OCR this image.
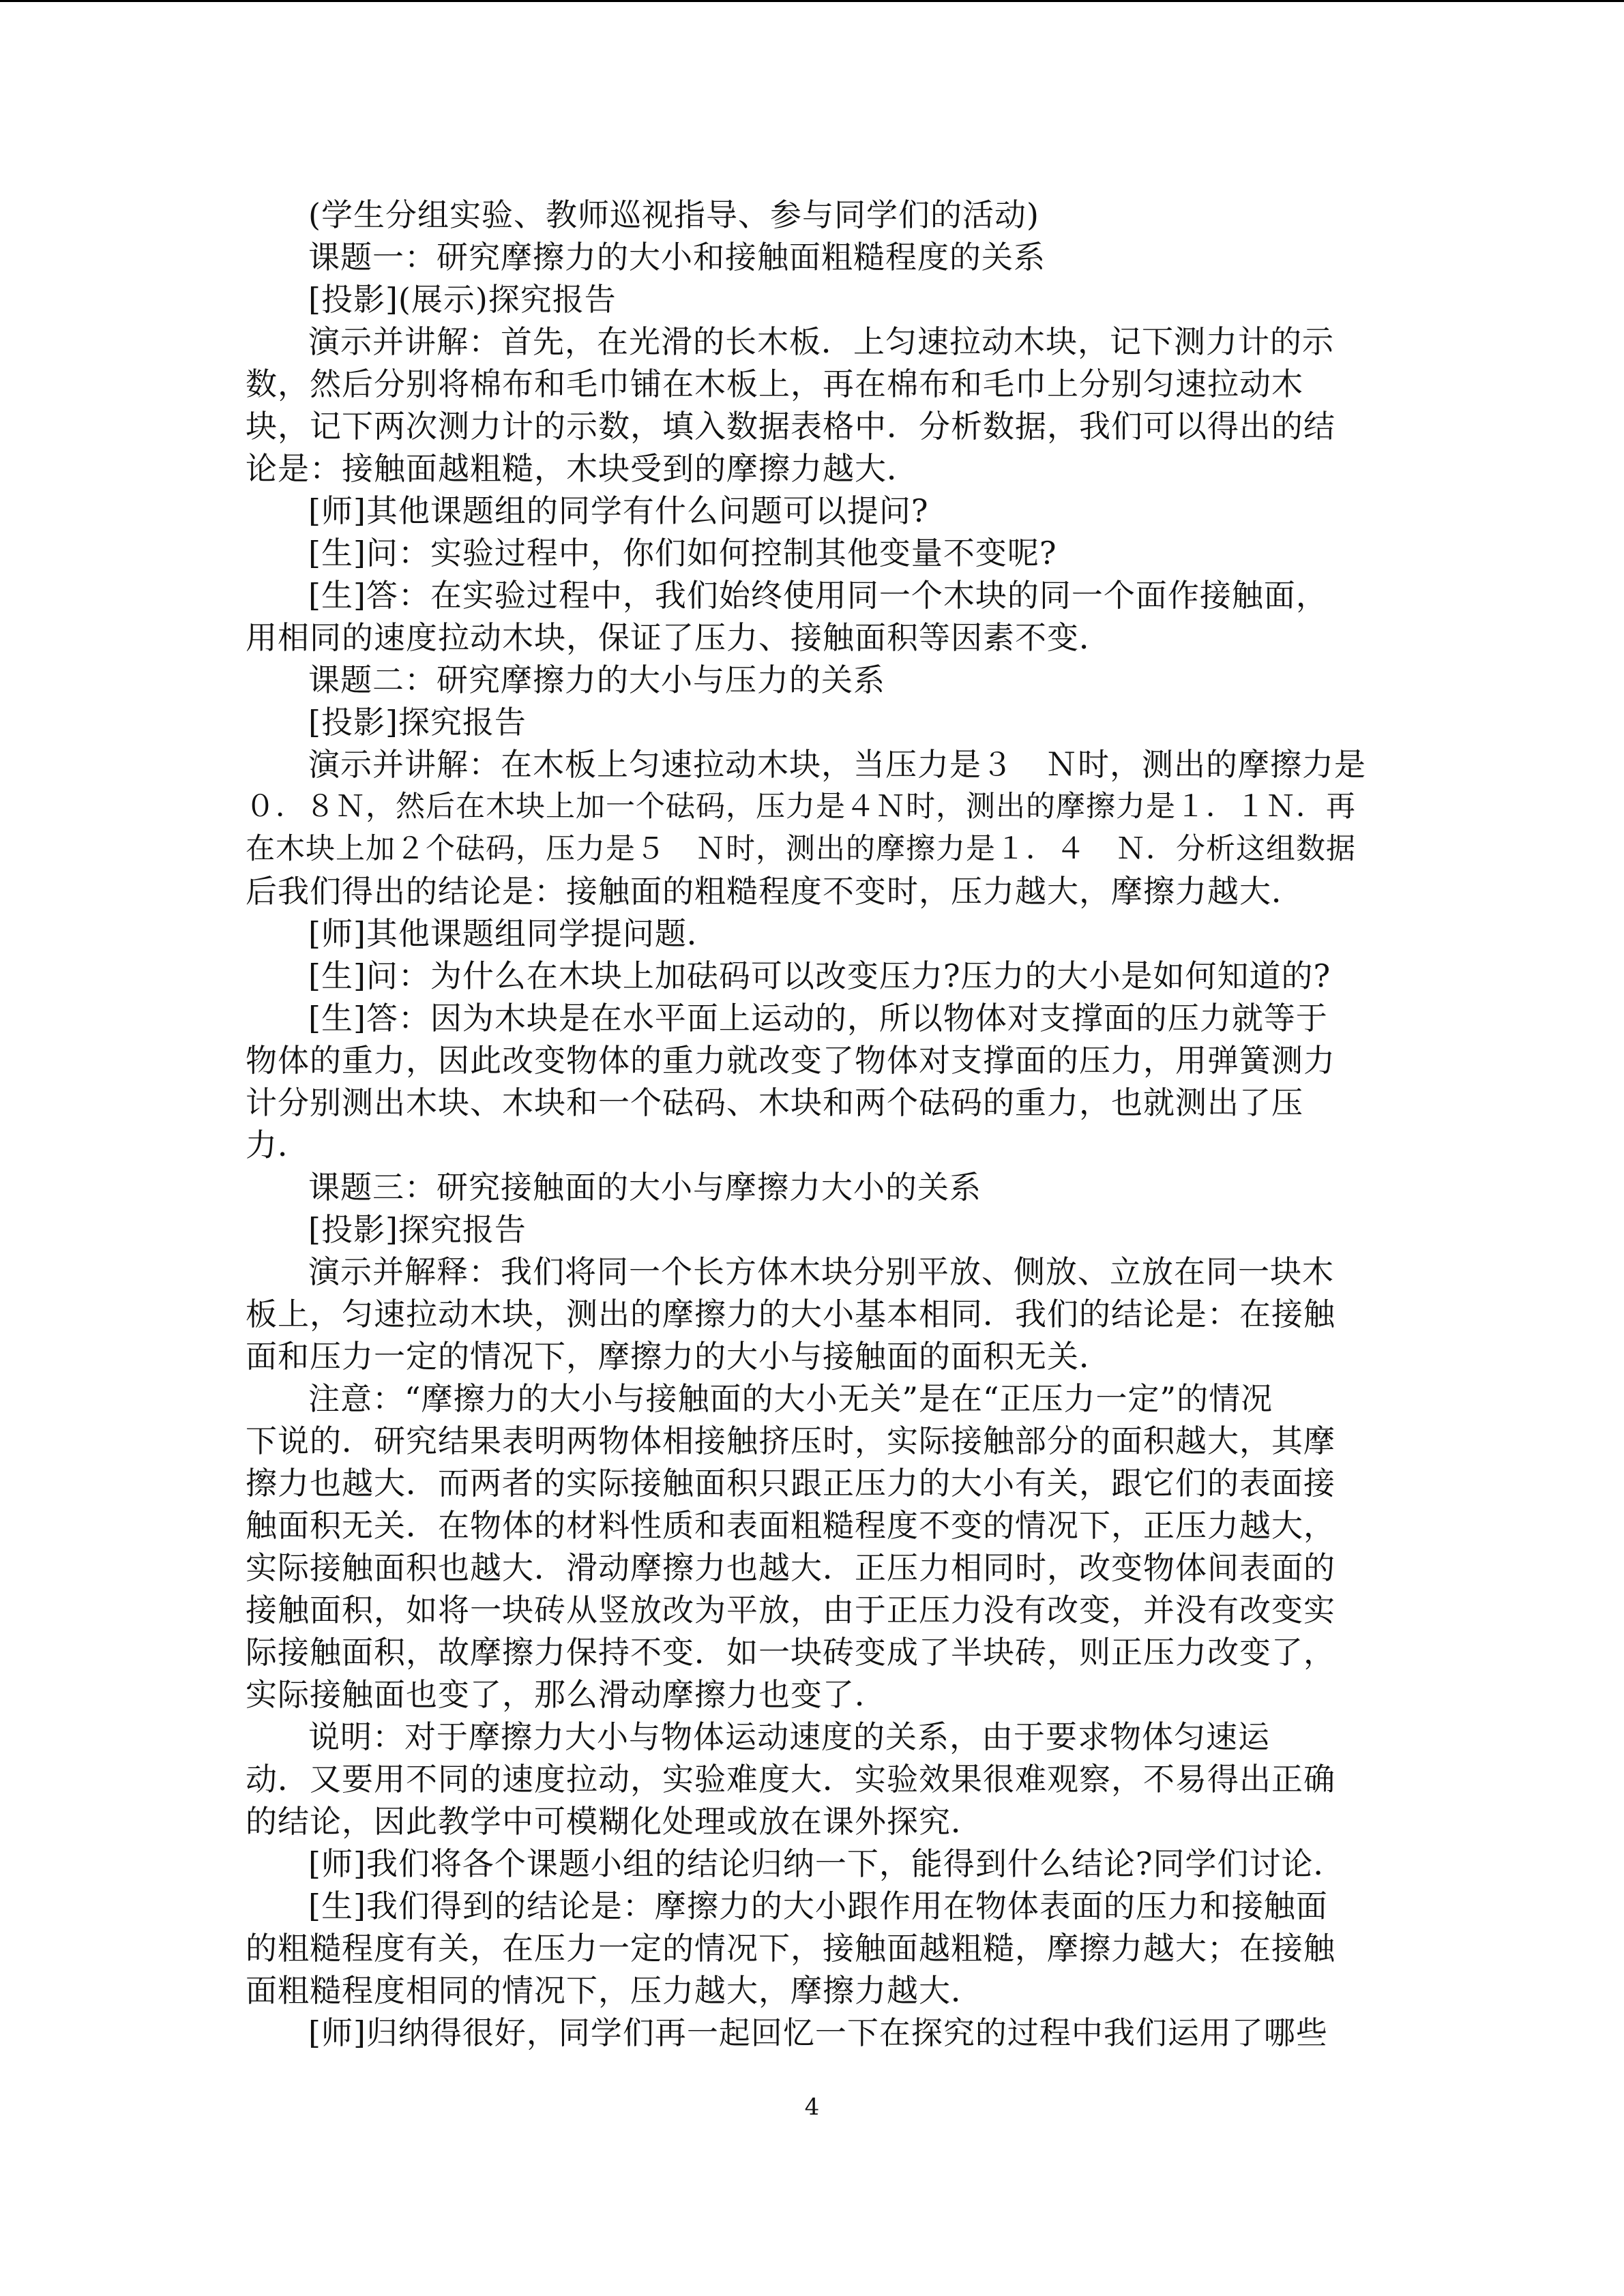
(学生分组实验、教师巡视指导、参与同学们的活动)
课题一：研究摩擦力的大小和接触面粗糙程度的关系
[投影](展示)探究报告
演示并讲解：首先，在光滑的长木板．上匀速拉动木块，记下测力计的示
数，然后分别将棉布和毛巾铺在木板上，再在棉布和毛巾上分别匀速拉动木
块，记下两次测力计的示数，填入数据表格中．分析数据，我们可以得出的结
论是：接触面越粗糙，木块受到的摩擦力越大．
[师]其他课题组的同学有什么问题可以提问?
[生]问：实验过程中，你们如何控制其他变量不变呢?
[生]答：在实验过程中，我们始终使用同一个木块的同一个面作接触面，
用相同的速度拉动木块，保证了压力、接触面积等因素不变．
课题二：研究摩擦力的大小与压力的关系
[投影]探究报告
演示并讲解：在木板上匀速拉动木块，当压力是３　Ｎ时，测出的摩擦力是
０．８Ｎ，然后在木块上加一个砝码，压力是４Ｎ时，测出的摩擦力是１．１Ｎ．再
在木块上加２个砝码，压力是５　Ｎ时，测出的摩擦力是１．４　Ｎ．分析这组数据
后我们得出的结论是：接触面的粗糙程度不变时，压力越大，摩擦力越大．
[师]其他课题组同学提问题．
[生]问：为什么在木块上加砝码可以改变压力?压力的大小是如何知道的?
[生]答：因为木块是在水平面上运动的，所以物体对支撑面的压力就等于
物体的重力，因此改变物体的重力就改变了物体对支撑面的压力，用弹簧测力
计分别测出木块、木块和一个砝码、木块和两个砝码的重力，也就测出了压
力．
课题三：研究接触面的大小与摩擦力大小的关系
[投影]探究报告
演示并解释：我们将同一个长方体木块分别平放、侧放、立放在同一块木
板上，匀速拉动木块，测出的摩擦力的大小基本相同．我们的结论是：在接触
面和压力一定的情况下，摩擦力的大小与接触面的面积无关．
注意：“摩擦力的大小与接触面的大小无关”是在“正压力一定”的情况
下说的．研究结果表明两物体相接触挤压时，实际接触部分的面积越大，其摩
擦力也越大．而两者的实际接触面积只跟正压力的大小有关，跟它们的表面接
触面积无关．在物体的材料性质和表面粗糙程度不变的情况下，正压力越大，
实际接触面积也越大．滑动摩擦力也越大．正压力相同时，改变物体间表面的
接触面积，如将一块砖从竖放改为平放，由于正压力没有改变，并没有改变实
际接触面积，故摩擦力保持不变．如一块砖变成了半块砖，则正压力改变了，
实际接触面也变了，那么滑动摩擦力也变了．
说明：对于摩擦力大小与物体运动速度的关系，由于要求物体匀速运
动．又要用不同的速度拉动，实验难度大．实验效果很难观察，不易得出正确
的结论，因此教学中可模糊化处理或放在课外探究．
[师]我们将各个课题小组的结论归纳一下，能得到什么结论?同学们讨论．
[生]我们得到的结论是：摩擦力的大小跟作用在物体表面的压力和接触面
的粗糙程度有关，在压力一定的情况下，接触面越粗糙，摩擦力越大；在接触
面粗糙程度相同的情况下，压力越大，摩擦力越大．
[师]归纳得很好，同学们再一起回忆一下在探究的过程中我们运用了哪些
4
